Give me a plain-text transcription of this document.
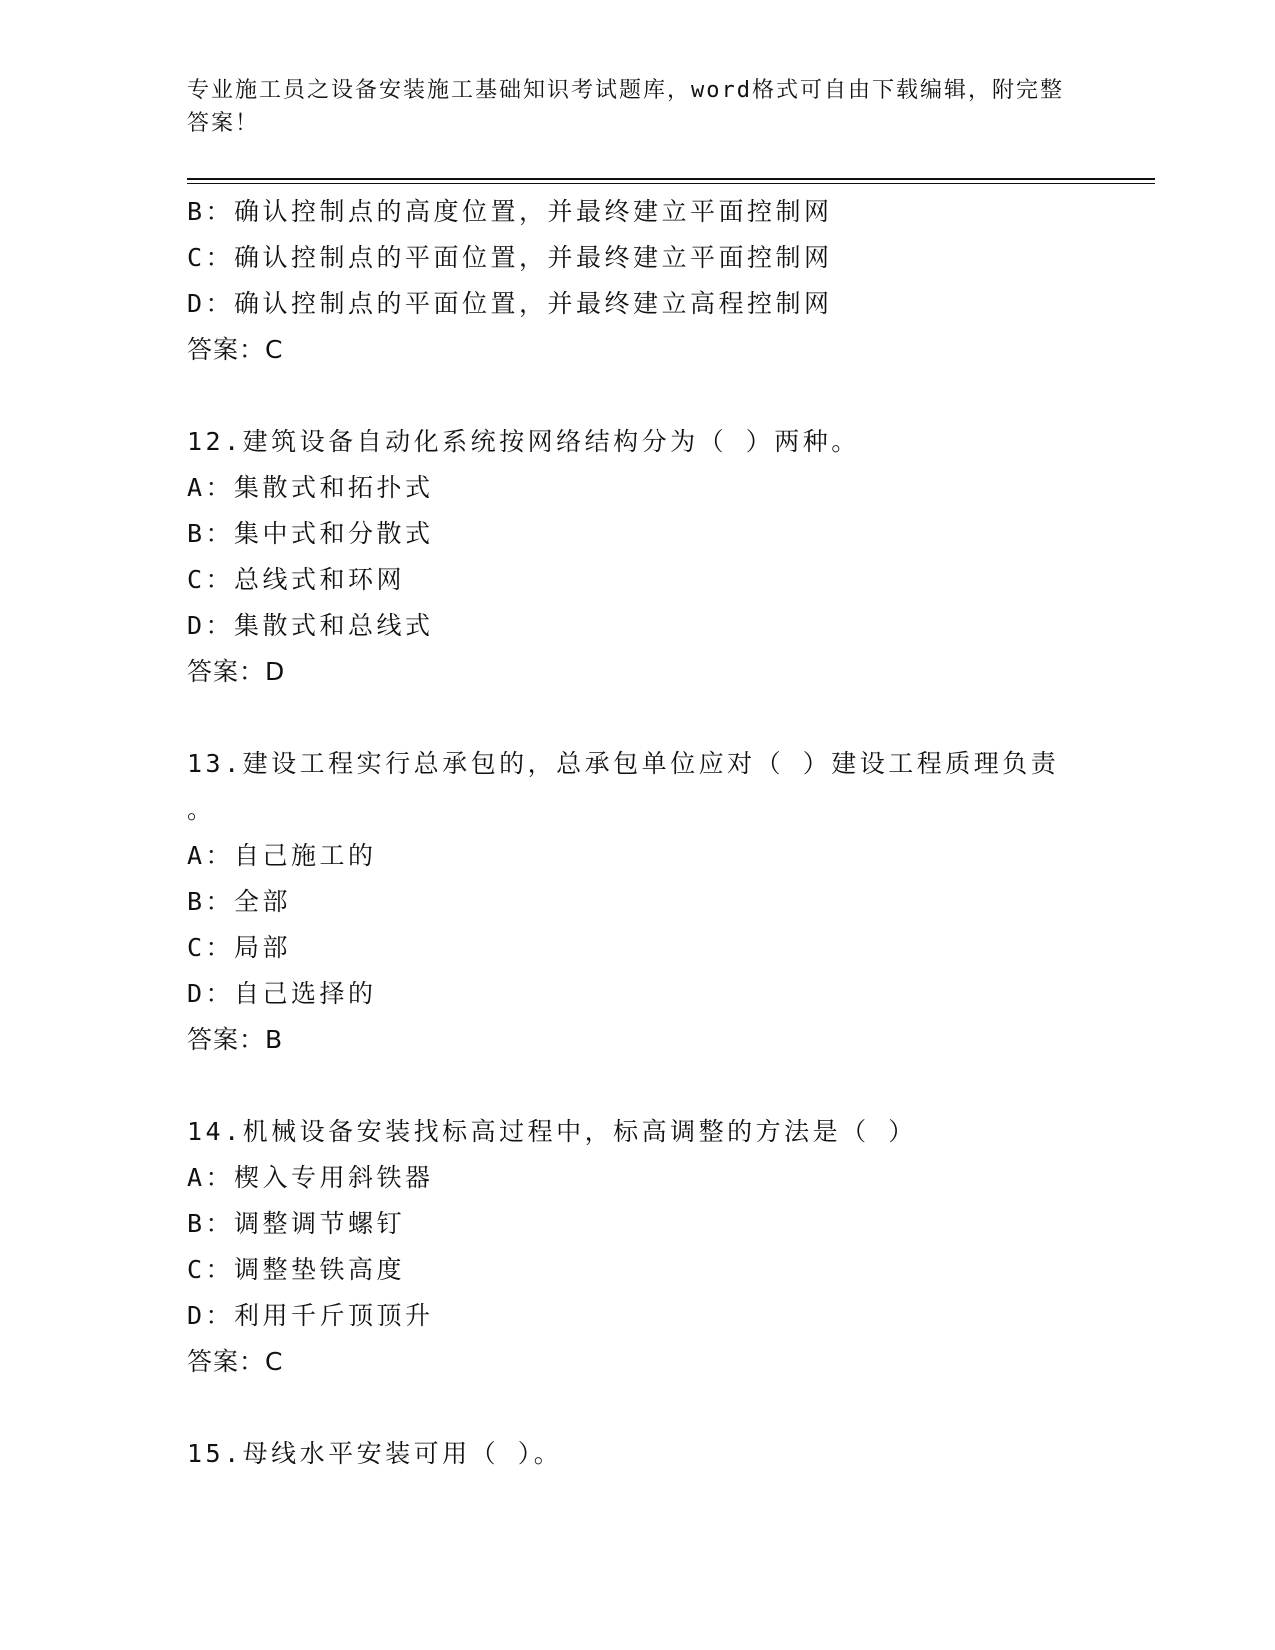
专业施工员之设备安装施工基础知识考试题库，word格式可自由下载编辑，附完整答案！
B：确认控制点的高度位置，并最终建立平面控制网
C：确认控制点的平面位置，并最终建立平面控制网
D：确认控制点的平面位置，并最终建立高程控制网
答案：C
12.建筑设备自动化系统按网络结构分为（ ）两种。
A：集散式和拓扑式
B：集中式和分散式
C：总线式和环网
D：集散式和总线式
答案：D
13.建设工程实行总承包的，总承包单位应对（ ）建设工程质理负责
。
A：自己施工的
B：全部
C：局部
D：自己选择的
答案：B
14.机械设备安装找标高过程中，标高调整的方法是（ ）
A：楔入专用斜铁器
B：调整调节螺钉
C：调整垫铁高度
D：利用千斤顶顶升
答案：C
15.母线水平安装可用（ ）。
